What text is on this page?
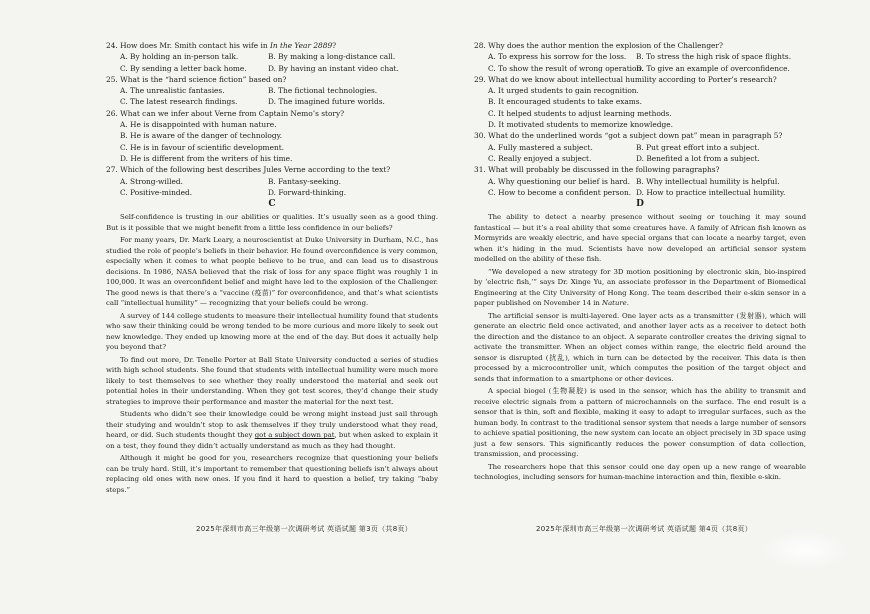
24. How does Mr. Smith contact his wife in In the Year 2889?
A. By holding an in-person talk.	B. By making a long-distance call.
C. By sending a letter back home.	D. By having an instant video chat.
25. What is the “hard science fiction” based on?
A. The unrealistic fantasies.	B. The fictional technologies.
C. The latest research findings.	D. The imagined future worlds.
26. What can we infer about Verne from Captain Nemo’s story?
A. He is disappointed with human nature.
B. He is aware of the danger of technology.
C. He is in favour of scientific development.
D. He is different from the writers of his time.
27. Which of the following best describes Jules Verne according to the text?
A. Strong-willed.	B. Fantasy-seeking.
C. Positive-minded.	D. Forward-thinking.
C

Self-confidence is trusting in our abilities or qualities. It’s usually seen as a good thing. But is it possible that we might benefit from a little less confidence in our beliefs?

For many years, Dr. Mark Leary, a neuroscientist at Duke University in Durham, N.C., has studied the role of people’s beliefs in their behavior. He found overconfidence is very common, especially when it comes to what people believe to be true, and can lead us to disastrous decisions. In 1986, NASA believed that the risk of loss for any space flight was roughly 1 in 100,000. It was an overconfident belief and might have led to the explosion of the Challenger. The good news is that there’s a “vaccine (疫苗)” for overconfidence, and that’s what scientists call “intellectual humility” — recognizing that your beliefs could be wrong.

A survey of 144 college students to measure their intellectual humility found that students who saw their thinking could be wrong tended to be more curious and more likely to seek out new knowledge. They ended up knowing more at the end of the day. But does it actually help you beyond that?

To find out more, Dr. Tenelle Porter at Ball State University conducted a series of studies with high school students. She found that students with intellectual humility were much more likely to test themselves to see whether they really understood the material and seek out potential holes in their understanding. When they got test scores, they’d change their study strategies to improve their performance and master the material for the next test.

Students who didn’t see their knowledge could be wrong might instead just sail through their studying and wouldn’t stop to ask themselves if they truly understood what they read, heard, or did. Such students thought they got a subject down pat, but when asked to explain it on a test, they found they didn’t actually understand as much as they had thought.

Although it might be good for you, researchers recognize that questioning your beliefs can be truly hard. Still, it’s important to remember that questioning beliefs isn’t always about replacing old ones with new ones. If you find it hard to question a belief, try taking “baby steps.”

28. Why does the author mention the explosion of the Challenger?
A. To express his sorrow for the loss.	B. To stress the high risk of space flights.
C. To show the result of wrong operation.
D. To give an example of overconfidence.
29. What do we know about intellectual humility according to Porter’s research?
A. It urged students to gain recognition.
B. It encouraged students to take exams.
C. It helped students to adjust learning methods.
D. It motivated students to memorize knowledge.
30. What do the underlined words “got a subject down pat” mean in paragraph 5?
A. Fully mastered a subject.	B. Put great effort into a subject.
C. Really enjoyed a subject.	D. Benefited a lot from a subject.
31. What will probably be discussed in the following paragraphs?
A. Why questioning our belief is hard. B. Why intellectual humility is helpful.
C. How to become a confident person. D. How to practice intellectual humility.
D

The ability to detect a nearby presence without seeing or touching it may sound fantastical — but it’s a real ability that some creatures have. A family of African fish known as Mormyrids are weakly electric, and have special organs that can locate a nearby target, even when it’s hiding in the mud. Scientists have now developed an artificial sensor system modelled on the ability of these fish.

“We developed a new strategy for 3D motion positioning by electronic skin, bio-inspired by ‘electric fish,’” says Dr. Xinge Yu, an associate professor in the Department of Biomedical Engineering at the City University of Hong Kong. The team described their e-skin sensor in a paper published on November 14 in Nature.

The artificial sensor is multi-layered. One layer acts as a transmitter (发射器), which will generate an electric field once activated, and another layer acts as a receiver to detect both the direction and the distance to an object. A separate controller creates the driving signal to activate the transmitter. When an object comes within range, the electric field around the sensor is disrupted (扰乱), which in turn can be detected by the receiver. This data is then processed by a microcontroller unit, which computes the position of the target object and sends that information to a smartphone or other devices.

A special biogel (生物凝胶) is used in the sensor, which has the ability to transmit and receive electric signals from a pattern of microchannels on the surface. The end result is a sensor that is thin, soft and flexible, making it easy to adapt to irregular surfaces, such as the human body. In contrast to the traditional sensor system that needs a large number of sensors to achieve spatial positioning, the new system can locate an object precisely in 3D space using just a few sensors. This significantly reduces the power consumption of data collection, transmission, and processing.

The researchers hope that this sensor could one day open up a new range of wearable technologies, including sensors for human-machine interaction and thin, flexible e-skin.

2025年深圳市高三年级第一次调研考试 英语试题 第3页（共8页）	2025年深圳市高三年级第一次调研考试 英语试题 第4页（共8页）
